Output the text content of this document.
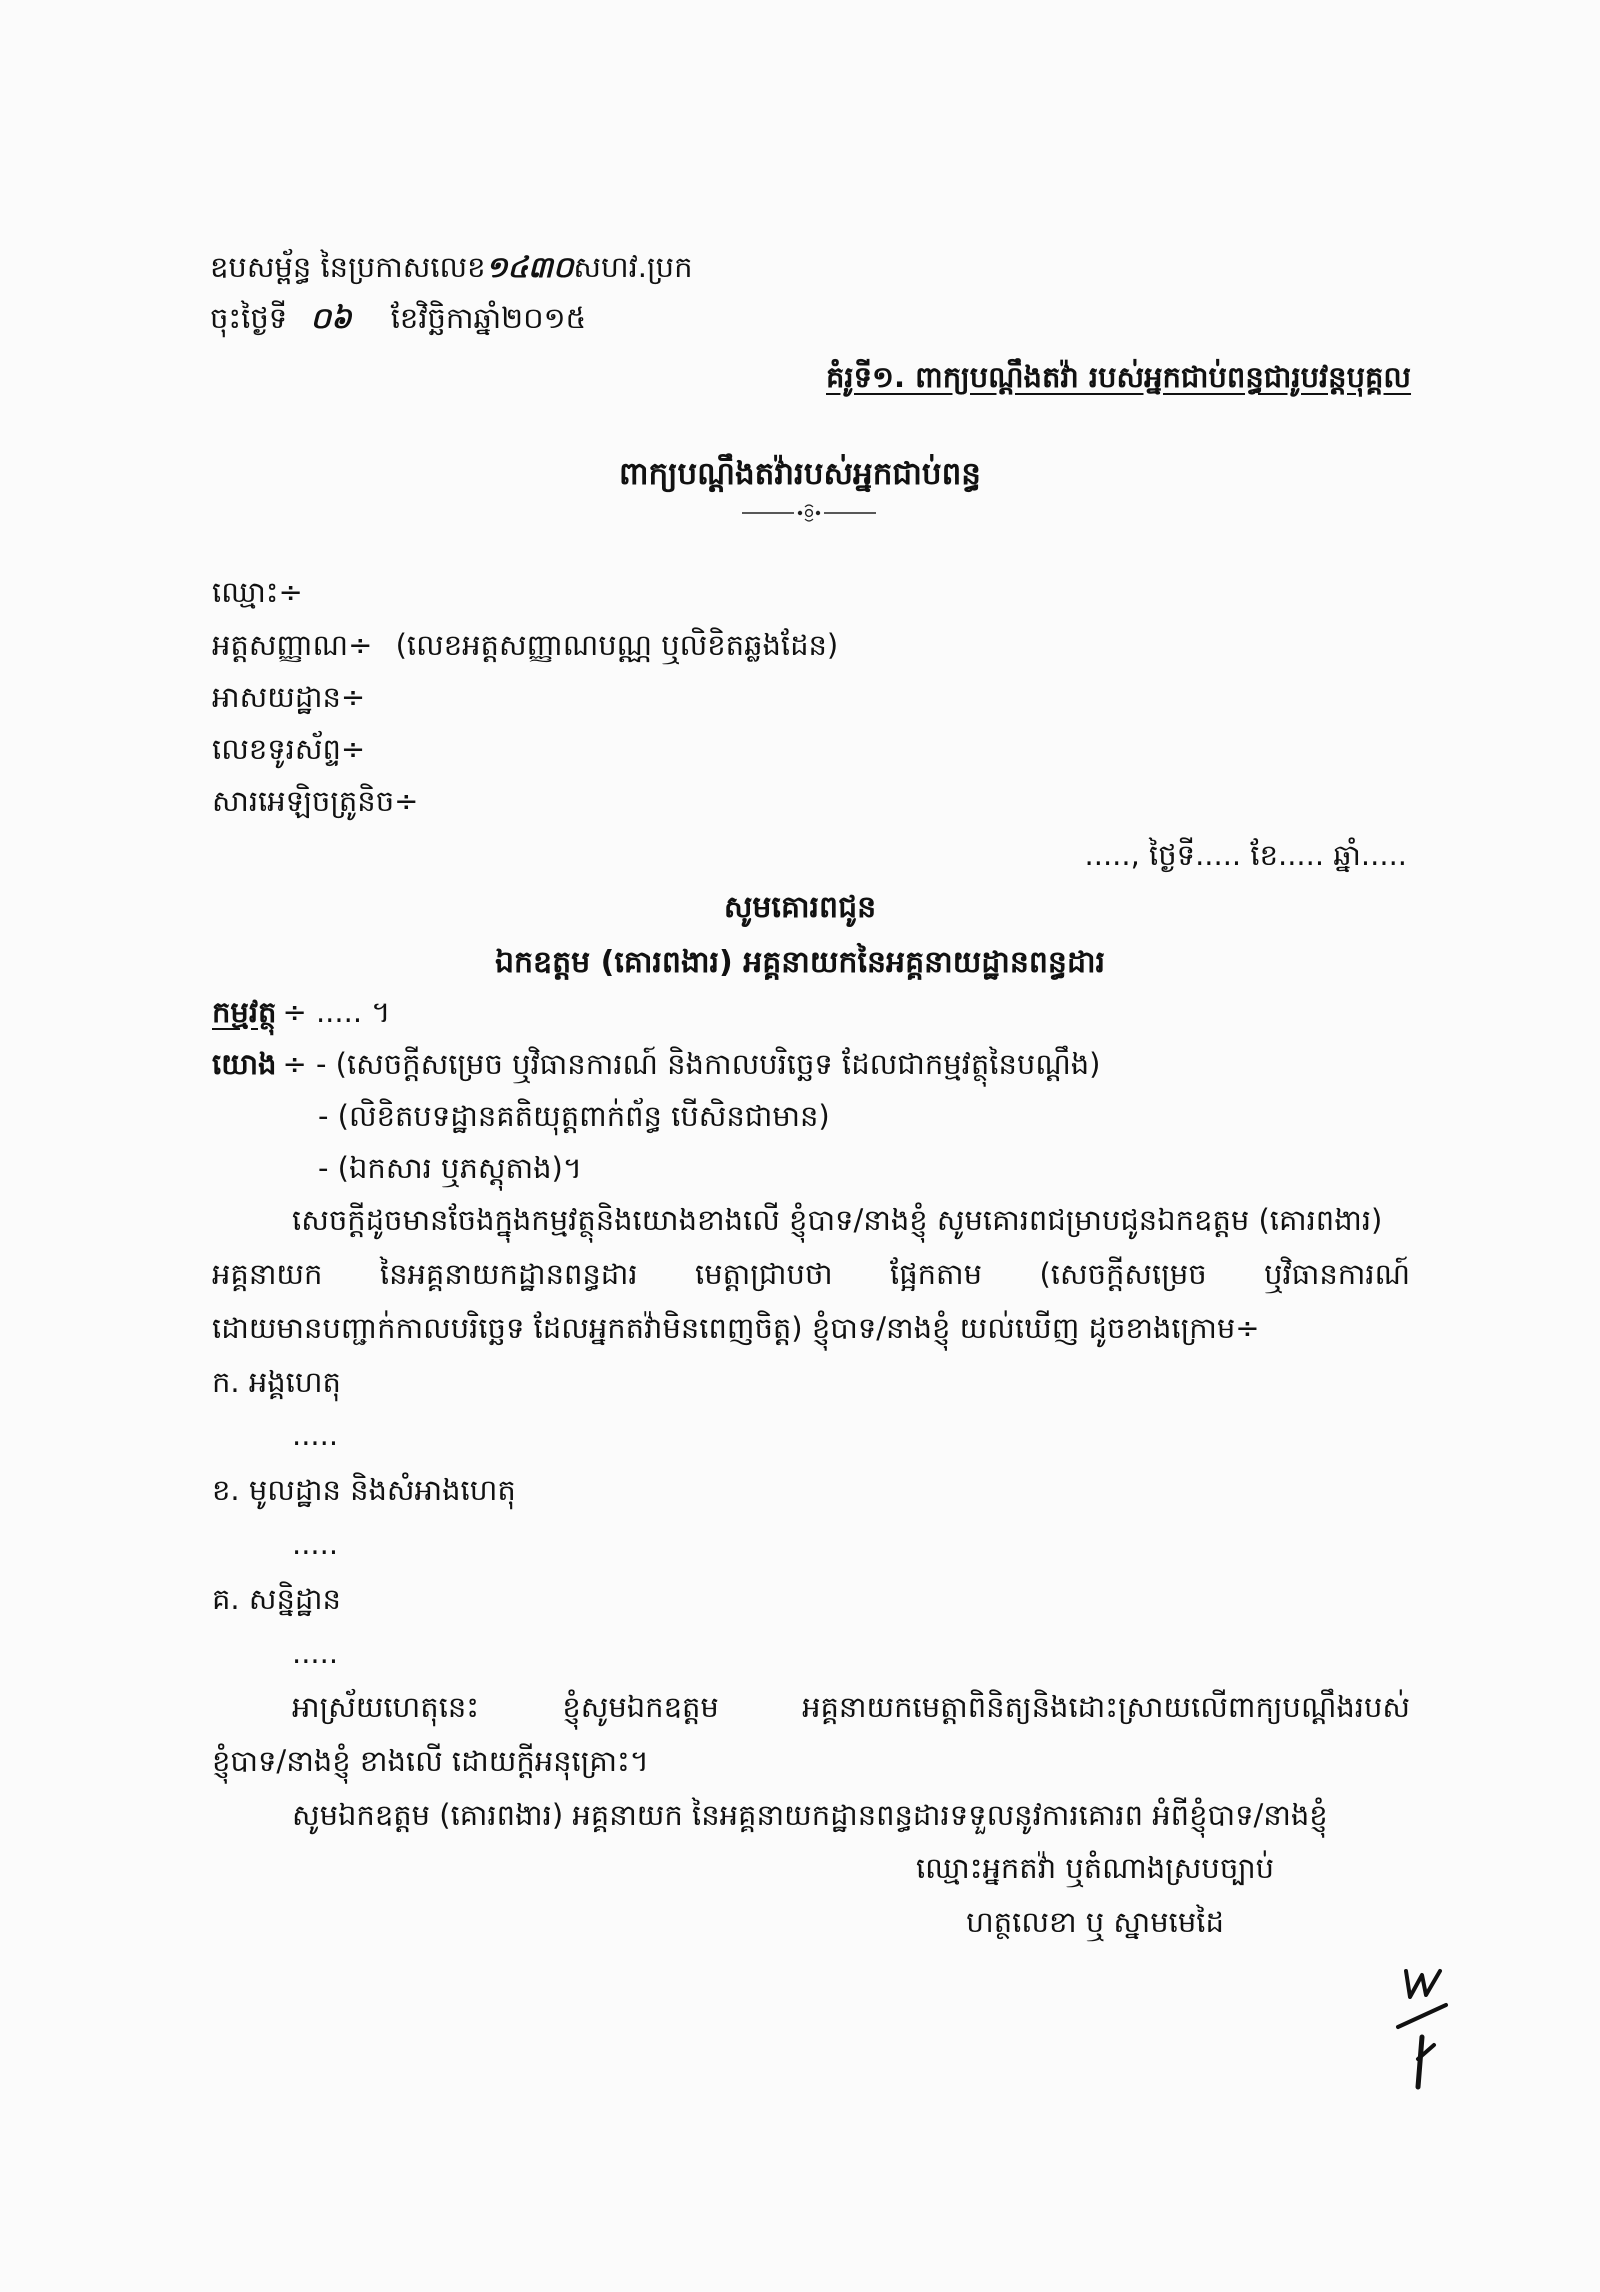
ឧបសម្ព័ន្ធ នៃប្រកាសលេខ១៤៣០សហវ.ប្រក
ចុះថ្ងៃទី ០៦ ខែវិច្ឆិកាឆ្នាំ២០១៥
គំរូទី១. ពាក្យបណ្តឹងតវ៉ា របស់អ្នកជាប់ពន្ធជារូបវន្តបុគ្គល
ពាក្យបណ្តឹងតវ៉ារបស់អ្នកជាប់ពន្ធ
ឈ្មោះ÷
អត្តសញ្ញាណ÷ (លេខអត្តសញ្ញាណបណ្ណ ឬលិខិតឆ្លងដែន)
អាសយដ្ឋាន÷
លេខទូរស័ព្ទ÷
សារអេឡិចត្រូនិច÷
....., ថ្ងៃទី..... ខែ..... ឆ្នាំ.....
សូមគោរពជូន
ឯកឧត្តម (គោរពងារ) អគ្គនាយកនៃអគ្គនាយដ្ឋានពន្ធដារ
កម្មវត្ថុ ÷ ..... ។
យោង ÷ - (សេចក្តីសម្រេច ឬវិធានការណ៍ និងកាលបរិច្ឆេទ ដែលជាកម្មវត្ថុនៃបណ្តឹង)
- (លិខិតបទដ្ឋានគតិយុត្តពាក់ព័ន្ធ បើសិនជាមាន)
- (ឯកសារ ឬភស្តុតាង)។
សេចក្តីដូចមានចែងក្នុងកម្មវត្ថុនិងយោងខាងលើ ខ្ញុំបាទ/នាងខ្ញុំ សូមគោរពជម្រាបជូនឯកឧត្តម (គោរពងារ)
អគ្គនាយក នៃអគ្គនាយកដ្ឋានពន្ធដារ មេត្តាជ្រាបថា ផ្អែកតាម (សេចក្តីសម្រេច ឬវិធានការណ៍
ដោយមានបញ្ជាក់កាលបរិច្ឆេទ ដែលអ្នកតវ៉ាមិនពេញចិត្ត) ខ្ញុំបាទ/នាងខ្ញុំ យល់ឃើញ ដូចខាងក្រោម÷
ក. អង្គហេតុ
.....
ខ. មូលដ្ឋាន និងសំអាងហេតុ
.....
គ. សន្និដ្ឋាន
.....
អាស្រ័យហេតុនេះ ខ្ញុំសូមឯកឧត្តម អគ្គនាយកមេត្តាពិនិត្យនិងដោះស្រាយលើពាក្យបណ្តឹងរបស់
ខ្ញុំបាទ/នាងខ្ញុំ ខាងលើ ដោយក្តីអនុគ្រោះ។
សូមឯកឧត្តម (គោរពងារ) អគ្គនាយក នៃអគ្គនាយកដ្ឋានពន្ធដារទទួលនូវការគោរព អំពីខ្ញុំបាទ/នាងខ្ញុំ
ឈ្មោះអ្នកតវ៉ា ឬតំណាងស្របច្បាប់
ហត្ថលេខា ឬ ស្នាមមេដៃ
